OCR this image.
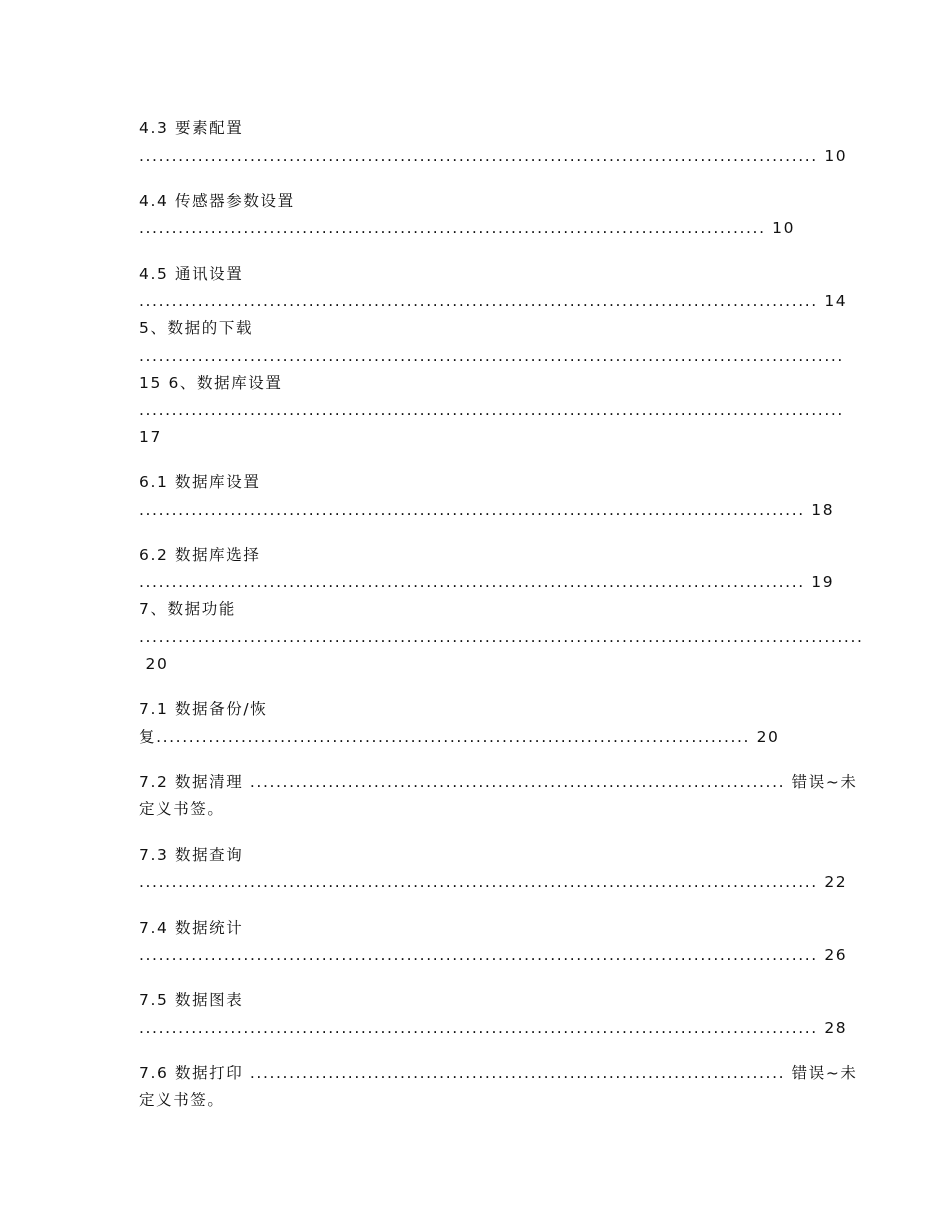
4.3 要素配置

........................................................................................................ 10

4.4 传感器参数设置

................................................................................................ 10

4.5 通讯设置

........................................................................................................ 14

5、数据的下载

............................................................................................................

15 6、数据库设置

............................................................................................................

17

6.1 数据库设置

...................................................................................................... 18

6.2 数据库选择

...................................................................................................... 19

7、数据功能

...............................................................................................................

20

7.1 数据备份/恢

复........................................................................................... 20

7.2 数据清理 .................................................................................. 错误~未

定义书签。

7.3 数据查询

........................................................................................................ 22

7.4 数据统计

........................................................................................................ 26

7.5 数据图表

........................................................................................................ 28

7.6 数据打印 .................................................................................. 错误~未

定义书签。
